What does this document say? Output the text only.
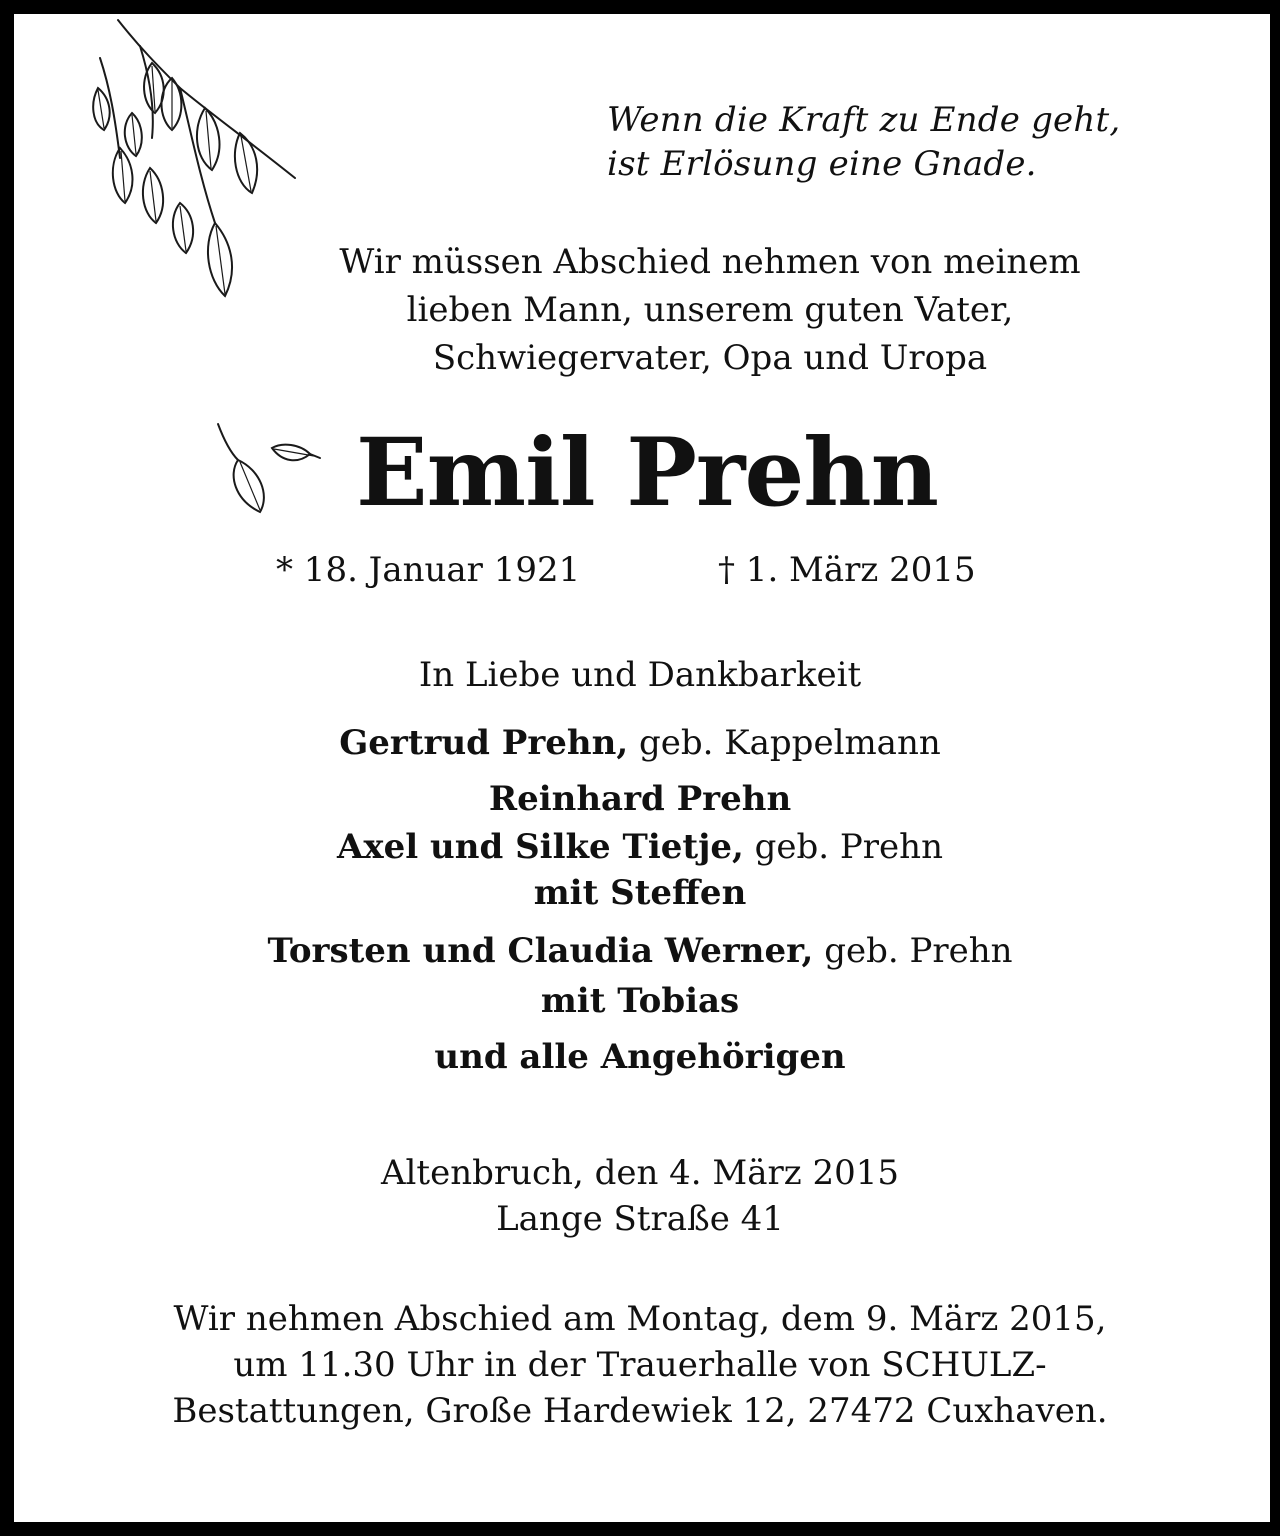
Wenn die Kraft zu Ende geht,
ist Erlösung eine Gnade.
Wir müssen Abschied nehmen von meinem
lieben Mann, unserem guten Vater,
Schwiegervater, Opa und Uropa
Emil Prehn
* 18. Januar 1921	† 1. März 2015
In Liebe und Dankbarkeit
Gertrud Prehn, geb. Kappelmann
Reinhard Prehn
Axel und Silke Tietje, geb. Prehn
mit Steffen
Torsten und Claudia Werner, geb. Prehn
mit Tobias
und alle Angehörigen
Altenbruch, den 4. März 2015
Lange Straße 41
Wir nehmen Abschied am Montag, dem 9. März 2015,
um 11.30 Uhr in der Trauerhalle von SCHULZ-
Bestattungen, Große Hardewiek 12, 27472 Cuxhaven.
